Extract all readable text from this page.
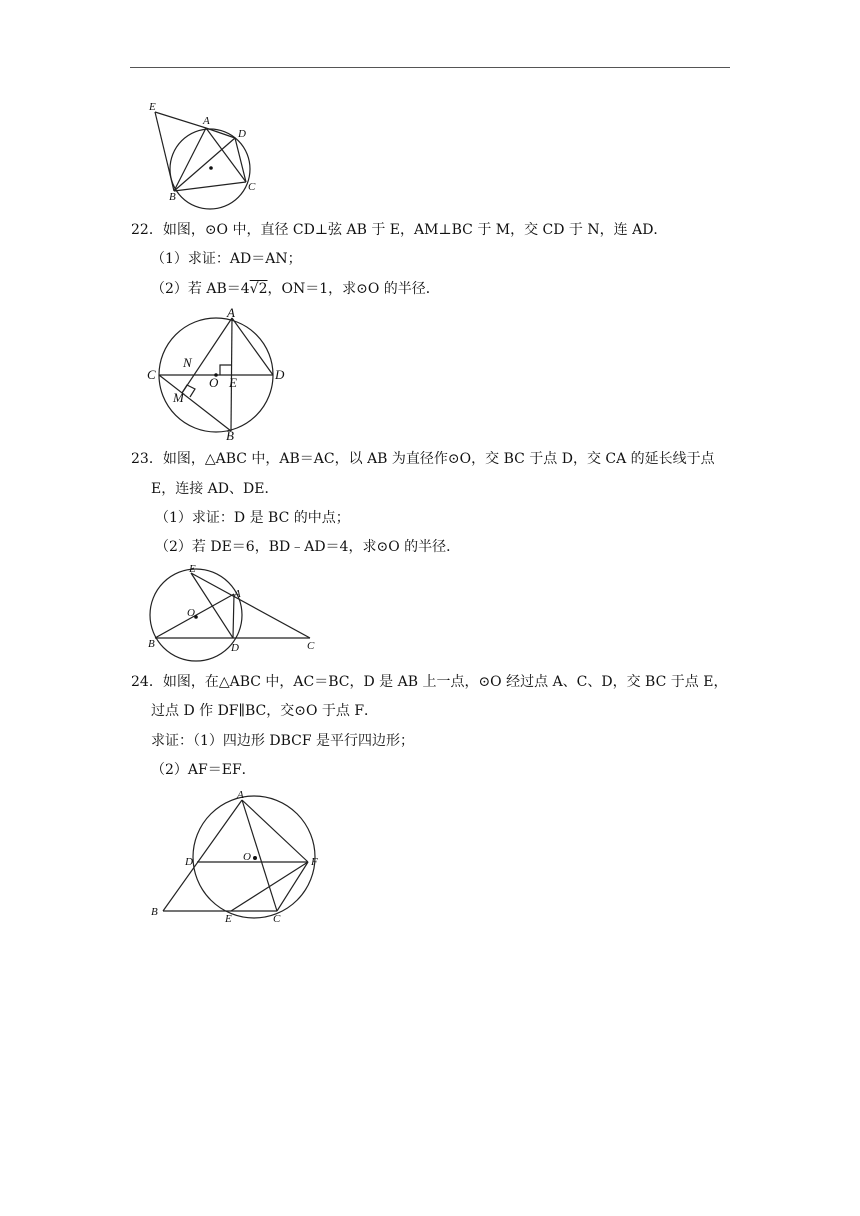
E
A
D
B
C
22．如图，⊙O 中，直径 CD⊥弦 AB 于 E，AM⊥BC 于 M，交 CD 于 N，连 AD．
（1）求证：AD＝AN；
（2）若 AB＝4√2，ON＝1，求⊙O 的半径．
A
N
C
O E
D
M
B
23．如图，△ABC 中，AB＝AC，以 AB 为直径作⊙O，交 BC 于点 D，交 CA 的延长线于点
E，连接 AD、DE．
（1）求证：D 是 BC 的中点；
（2）若 DE＝6，BD﹣AD＝4，求⊙O 的半径．
E
A
O
B	D	C
24．如图，在△ABC 中，AC＝BC，D 是 AB 上一点，⊙O 经过点 A、C、D，交 BC 于点 E，
过点 D 作 DF∥BC，交⊙O 于点 F．
求证：（1）四边形 DBCF 是平行四边形；
（2）AF＝EF．
A
D	O	F
B
E	C
